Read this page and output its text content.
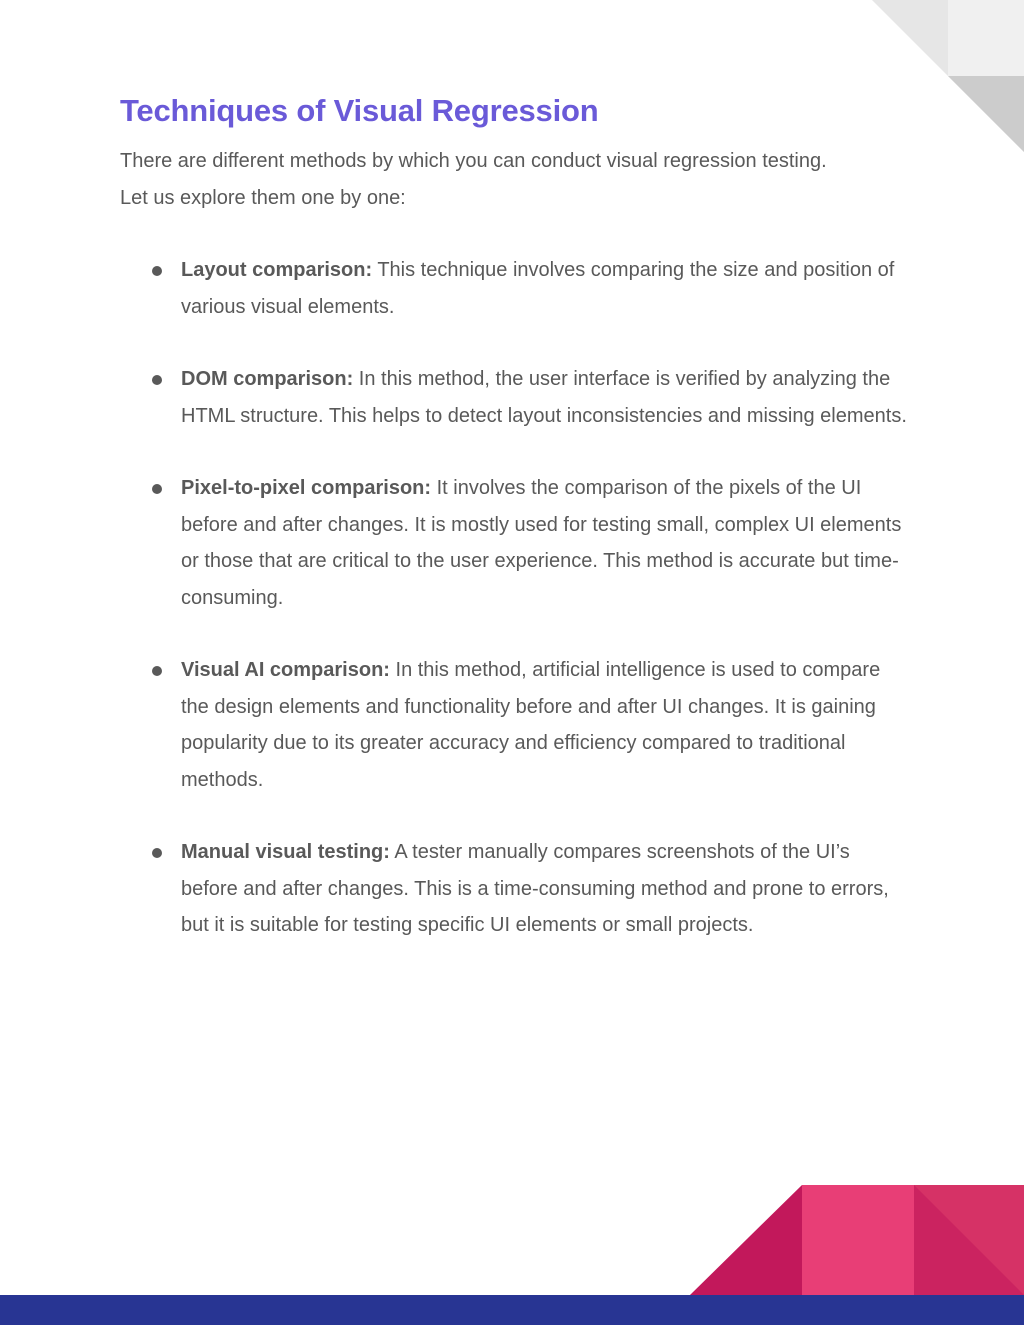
Techniques of Visual Regression

There are different methods by which you can conduct visual regression testing. Let us explore them one by one:

Layout comparison: This technique involves comparing the size and position of various visual elements.
DOM comparison: In this method, the user interface is verified by analyzing the HTML structure. This helps to detect layout inconsistencies and missing elements.
Pixel-to-pixel comparison: It involves the comparison of the pixels of the UI before and after changes. It is mostly used for testing small, complex UI elements or those that are critical to the user experience. This method is accurate but time-consuming.
Visual AI comparison: In this method, artificial intelligence is used to compare the design elements and functionality before and after UI changes. It is gaining popularity due to its greater accuracy and efficiency compared to traditional methods.
Manual visual testing: A tester manually compares screenshots of the UI’s before and after changes. This is a time-consuming method and prone to errors, but it is suitable for testing specific UI elements or small projects.
